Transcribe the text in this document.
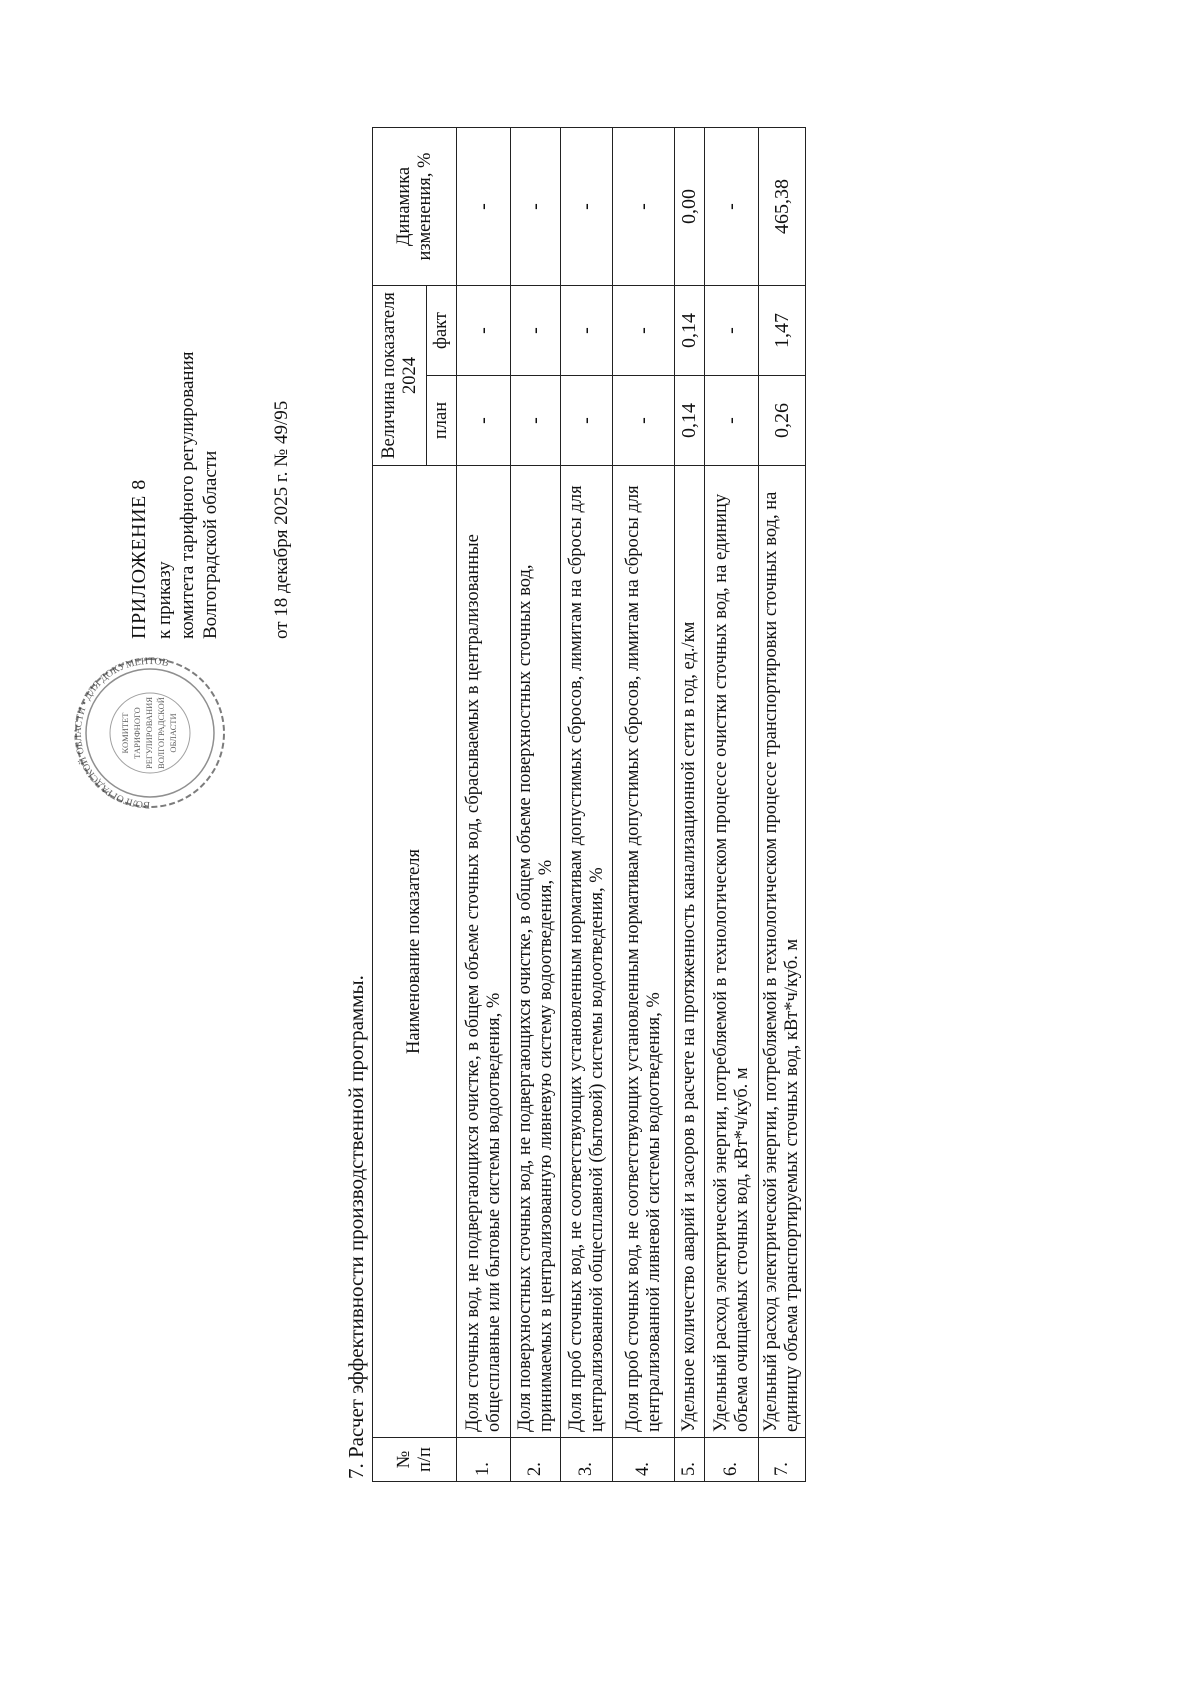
ВОЛГОГРАДСКОЙ ОБЛАСТИ • ДЛЯ ДОКУМЕНТОВ
КОМИТЕТ ТАРИФНОГО РЕГУЛИРОВАНИЯ ВОЛГОГРАДСКОЙ ОБЛАСТИ
ПРИЛОЖЕНИЕ 8 к приказу комитета тарифного регулирования Волгоградской области	от 18 декабря 2025 г. № 49/95
7. Расчет эффективности производственной программы. № п/п	Наименование показателя	Величина показателя 2024		Динамика изменения, %
		план	факт	
1.	Доля сточных вод, не подвергающихся очистке, в общем объеме сточных вод, сбрасываемых в централизованные общесплавные или бытовые системы водоотведения, %	-	-	-
2.	Доля поверхностных сточных вод, не подвергающихся очистке, в общем объеме поверхностных сточных вод, принимаемых в централизованную ливневую систему водоотведения, %	-	-	-
3.	Доля проб сточных вод, не соответствующих установленным нормативам допустимых сбросов, лимитам на сбросы для централизованной общесплавной (бытовой) системы водоотведения, %	-	-	-
4.	Доля проб сточных вод, не соответствующих установленным нормативам допустимых сбросов, лимитам на сбросы для централизованной ливневой системы водоотведения, %	-	-	-
5.	Удельное количество аварий и засоров в расчете на протяженность канализационной сети в год, ед./км	0,14	0,14	0,00
6.	Удельный расход электрической энергии, потребляемой в технологическом процессе очистки сточных вод, на единицу объема очищаемых сточных вод, кВт*ч/куб. м	-	-	-
7.	Удельный расход электрической энергии, потребляемой в технологическом процессе транспортировки сточных вод, на единицу объема транспортируемых сточных вод, кВт*ч/куб. м	0,26	1,47	465,38
